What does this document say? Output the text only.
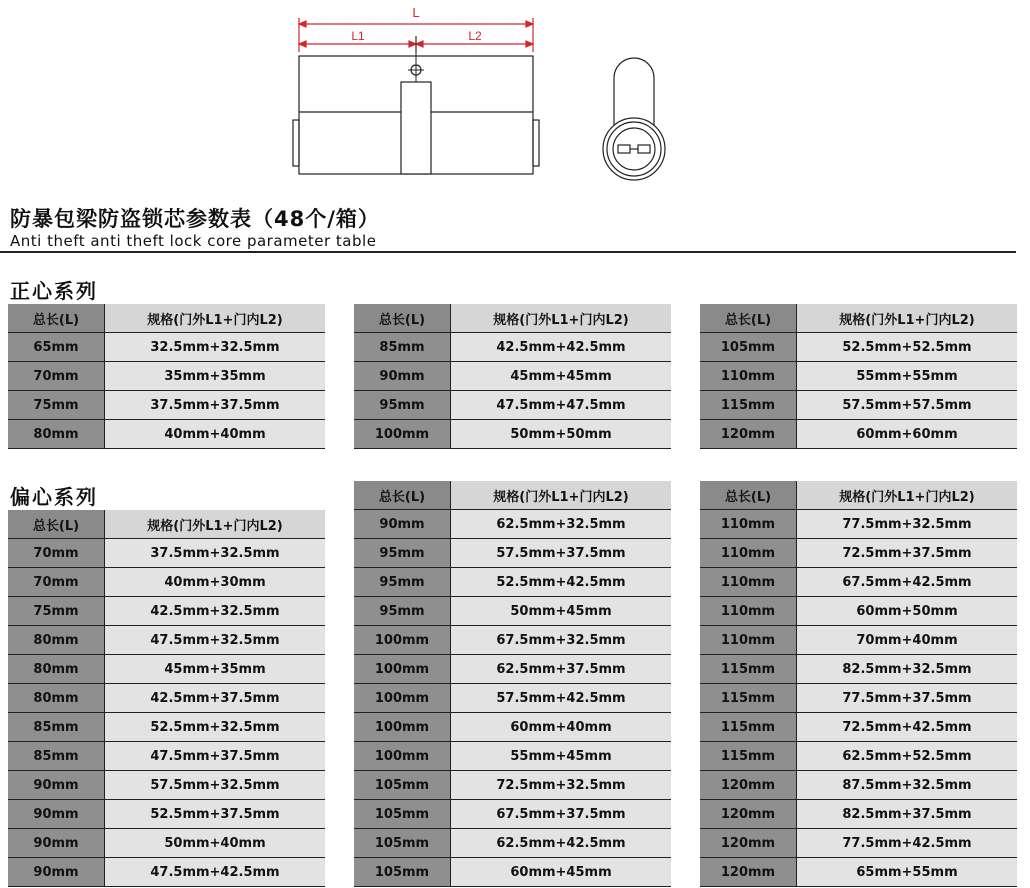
L
L1	L2
防暴包梁防盗锁芯参数表（48个/箱）
Anti theft anti theft lock core parameter table
正心系列
偏心系列
总长(L)	规格(门外L1+门内L2)
65mm	32.5mm+32.5mm
70mm	35mm+35mm
75mm	37.5mm+37.5mm
80mm	40mm+40mm
总长(L)	规格(门外L1+门内L2)
85mm	42.5mm+42.5mm
90mm	45mm+45mm
95mm	47.5mm+47.5mm
100mm	50mm+50mm
总长(L)	规格(门外L1+门内L2)
105mm	52.5mm+52.5mm
110mm	55mm+55mm
115mm	57.5mm+57.5mm
120mm	60mm+60mm
总长(L)	规格(门外L1+门内L2)
70mm	37.5mm+32.5mm
70mm	40mm+30mm
75mm	42.5mm+32.5mm
80mm	47.5mm+32.5mm
80mm	45mm+35mm
80mm	42.5mm+37.5mm
85mm	52.5mm+32.5mm
85mm	47.5mm+37.5mm
90mm	57.5mm+32.5mm
90mm	52.5mm+37.5mm
90mm	50mm+40mm
90mm	47.5mm+42.5mm
总长(L)	规格(门外L1+门内L2)
90mm	62.5mm+32.5mm
95mm	57.5mm+37.5mm
95mm	52.5mm+42.5mm
95mm	50mm+45mm
100mm	67.5mm+32.5mm
100mm	62.5mm+37.5mm
100mm	57.5mm+42.5mm
100mm	60mm+40mm
100mm	55mm+45mm
105mm	72.5mm+32.5mm
105mm	67.5mm+37.5mm
105mm	62.5mm+42.5mm
105mm	60mm+45mm
总长(L)	规格(门外L1+门内L2)
110mm	77.5mm+32.5mm
110mm	72.5mm+37.5mm
110mm	67.5mm+42.5mm
110mm	60mm+50mm
110mm	70mm+40mm
115mm	82.5mm+32.5mm
115mm	77.5mm+37.5mm
115mm	72.5mm+42.5mm
115mm	62.5mm+52.5mm
120mm	87.5mm+32.5mm
120mm	82.5mm+37.5mm
120mm	77.5mm+42.5mm
120mm	65mm+55mm
